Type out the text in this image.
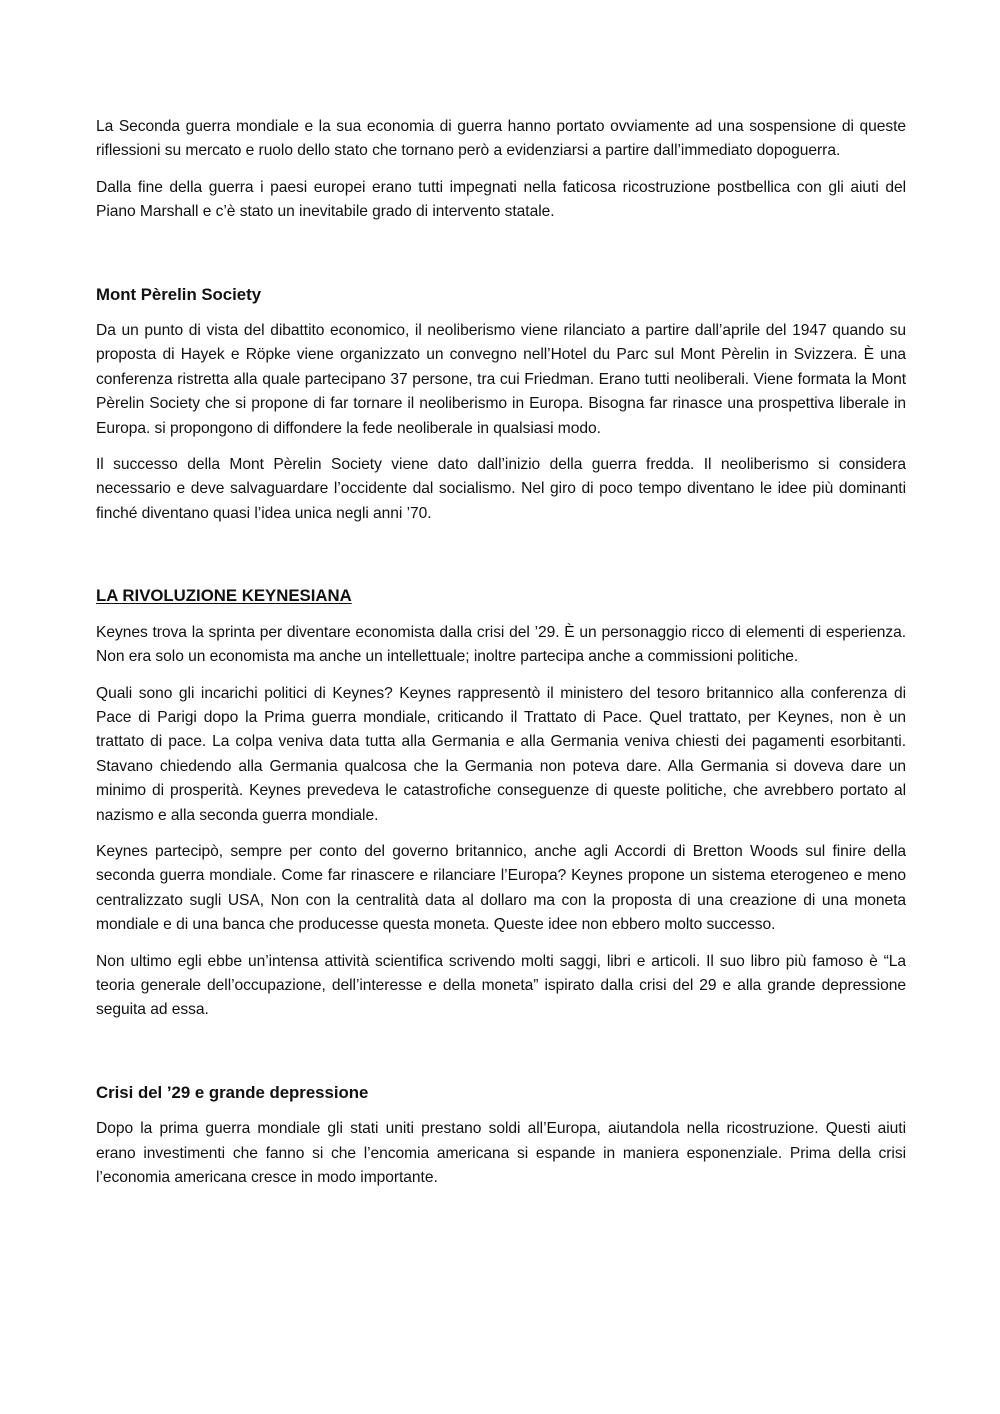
La Seconda guerra mondiale e la sua economia di guerra hanno portato ovviamente ad una sospensione di queste riflessioni su mercato e ruolo dello stato che tornano però a evidenziarsi a partire dall’immediato dopoguerra.

Dalla fine della guerra i paesi europei erano tutti impegnati nella faticosa ricostruzione postbellica con gli aiuti del Piano Marshall e c’è stato un inevitabile grado di intervento statale.

Mont Pèrelin Society

Da un punto di vista del dibattito economico, il neoliberismo viene rilanciato a partire dall’aprile del 1947 quando su proposta di Hayek e Röpke viene organizzato un convegno nell’Hotel du Parc sul Mont Pèrelin in Svizzera. È una conferenza ristretta alla quale partecipano 37 persone, tra cui Friedman. Erano tutti neoliberali. Viene formata la Mont Pèrelin Society che si propone di far tornare il neoliberismo in Europa. Bisogna far rinasce una prospettiva liberale in Europa. si propongono di diffondere la fede neoliberale in qualsiasi modo.

Il successo della Mont Pèrelin Society viene dato dall’inizio della guerra fredda. Il neoliberismo si considera necessario e deve salvaguardare l’occidente dal socialismo. Nel giro di poco tempo diventano le idee più dominanti finché diventano quasi l’idea unica negli anni ’70.

LA RIVOLUZIONE KEYNESIANA

Keynes trova la sprinta per diventare economista dalla crisi del ’29. È un personaggio ricco di elementi di esperienza. Non era solo un economista ma anche un intellettuale; inoltre partecipa anche a commissioni politiche.

Quali sono gli incarichi politici di Keynes? Keynes rappresentò il ministero del tesoro britannico alla conferenza di Pace di Parigi dopo la Prima guerra mondiale, criticando il Trattato di Pace. Quel trattato, per Keynes, non è un trattato di pace. La colpa veniva data tutta alla Germania e alla Germania veniva chiesti dei pagamenti esorbitanti. Stavano chiedendo alla Germania qualcosa che la Germania non poteva dare. Alla Germania si doveva dare un minimo di prosperità. Keynes prevedeva le catastrofiche conseguenze di queste politiche, che avrebbero portato al nazismo e alla seconda guerra mondiale.

Keynes partecipò, sempre per conto del governo britannico, anche agli Accordi di Bretton Woods sul finire della seconda guerra mondiale. Come far rinascere e rilanciare l’Europa? Keynes propone un sistema eterogeneo e meno centralizzato sugli USA, Non con la centralità data al dollaro ma con la proposta di una creazione di una moneta mondiale e di una banca che producesse questa moneta. Queste idee non ebbero molto successo.

Non ultimo egli ebbe un’intensa attività scientifica scrivendo molti saggi, libri e articoli. Il suo libro più famoso è “La teoria generale dell’occupazione, dell’interesse e della moneta” ispirato dalla crisi del 29 e alla grande depressione seguita ad essa.

Crisi del ’29 e grande depressione

Dopo la prima guerra mondiale gli stati uniti prestano soldi all’Europa, aiutandola nella ricostruzione. Questi aiuti erano investimenti che fanno si che l’encomia americana si espande in maniera esponenziale. Prima della crisi l’economia americana cresce in modo importante.
